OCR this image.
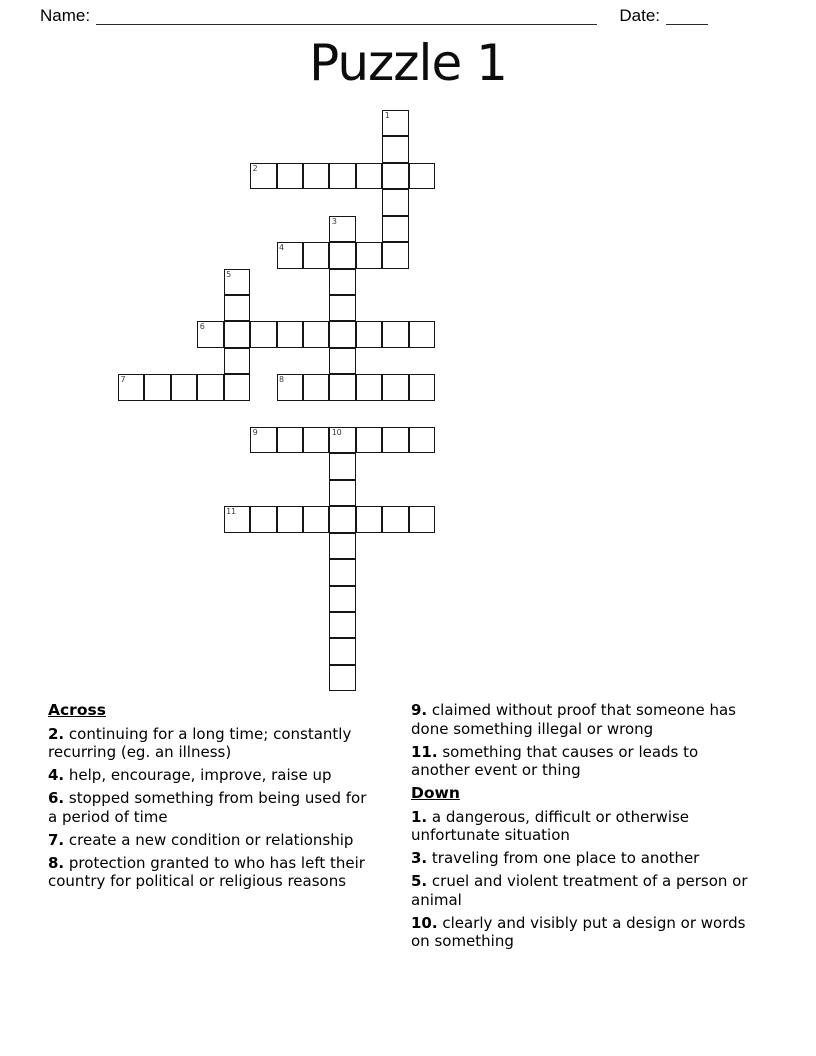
Name:	Date:
Puzzle 1
1
2
3
4
5
6
7	8
9	10
11
Across

2. continuing for a long time; constantly recurring (eg. an illness)

4. help, encourage, improve, raise up

6. stopped something from being used for a period of time

7. create a new condition or relationship

8. protection granted to who has left their country for political or religious reasons

9. claimed without proof that someone has done something illegal or wrong

11. something that causes or leads to another event or thing

Down

1. a dangerous, difficult or otherwise unfortunate situation

3. traveling from one place to another

5. cruel and violent treatment of a person or animal

10. clearly and visibly put a design or words on something
